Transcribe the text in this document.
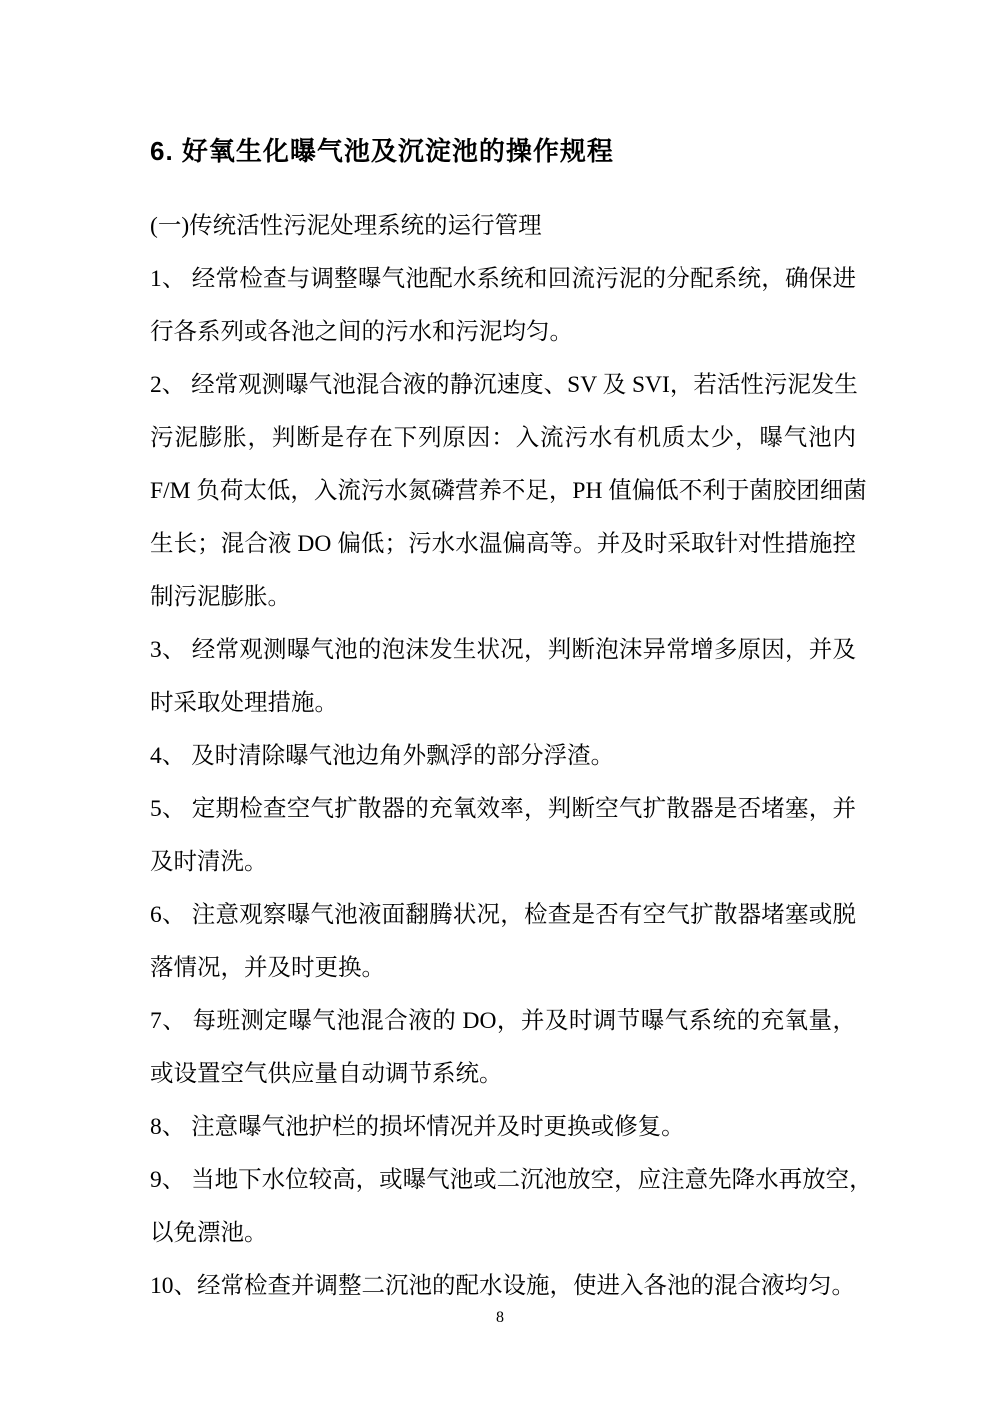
6. 好氧生化曝气池及沉淀池的操作规程
(一)传统活性污泥处理系统的运行管理
1、 经常检查与调整曝气池配水系统和回流污泥的分配系统，确保进
行各系列或各池之间的污水和污泥均匀。
2、 经常观测曝气池混合液的静沉速度、SV 及 SVI，若活性污泥发生
污泥膨胀，判断是存在下列原因：入流污水有机质太少，曝气池内
F/M 负荷太低，入流污水氮磷营养不足，PH 值偏低不利于菌胶团细菌
生长；混合液 DO 偏低；污水水温偏高等。并及时采取针对性措施控
制污泥膨胀。
3、 经常观测曝气池的泡沫发生状况，判断泡沫异常增多原因，并及
时采取处理措施。
4、 及时清除曝气池边角外飘浮的部分浮渣。
5、 定期检查空气扩散器的充氧效率，判断空气扩散器是否堵塞，并
及时清洗。
6、 注意观察曝气池液面翻腾状况，检查是否有空气扩散器堵塞或脱
落情况，并及时更换。
7、 每班测定曝气池混合液的 DO，并及时调节曝气系统的充氧量，
或设置空气供应量自动调节系统。
8、 注意曝气池护栏的损坏情况并及时更换或修复。
9、 当地下水位较高，或曝气池或二沉池放空，应注意先降水再放空，
以免漂池。
10、经常检查并调整二沉池的配水设施，使进入各池的混合液均匀。
8
